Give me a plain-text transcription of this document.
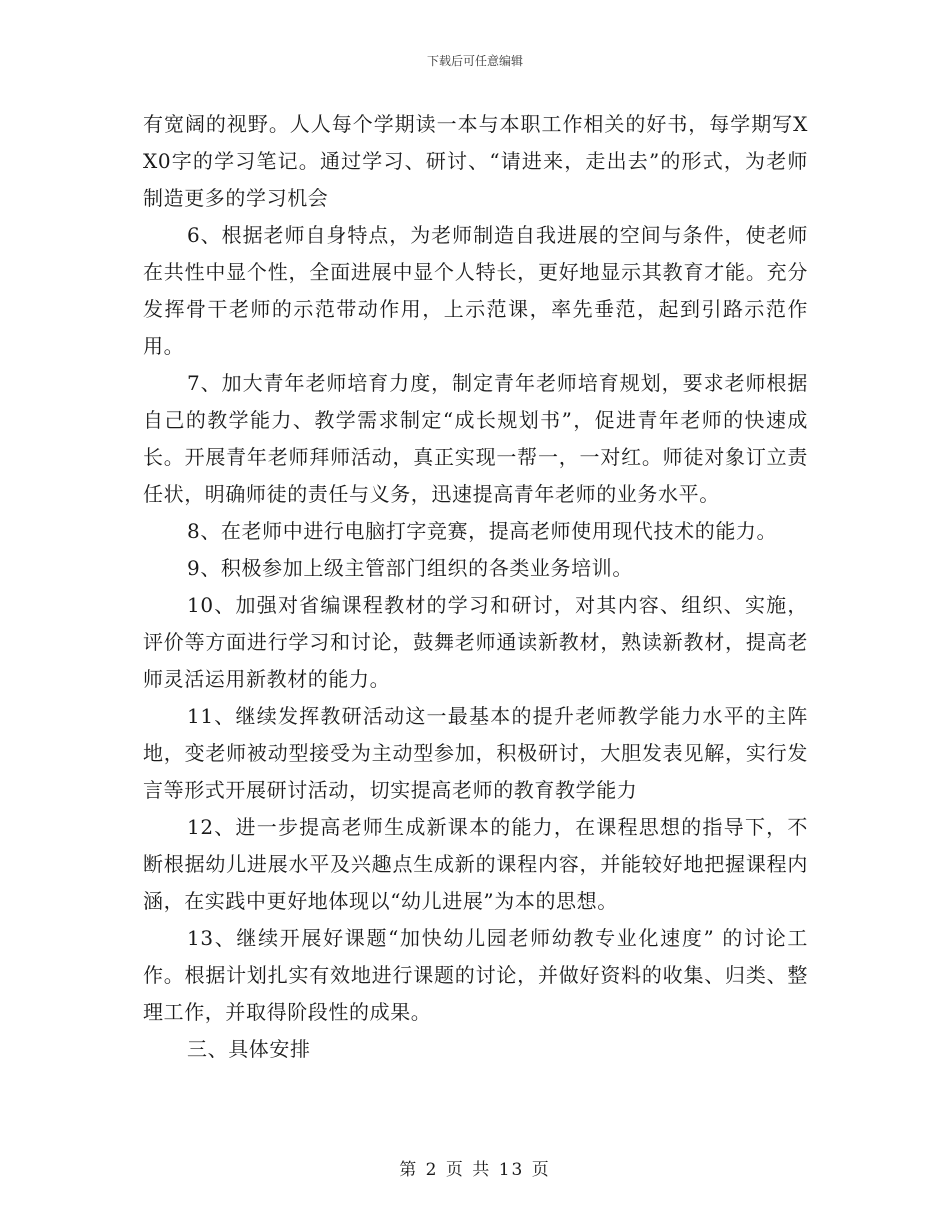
下载后可任意编辑

有宽阔的视野。人人每个学期读一本与本职工作相关的好书，每学期写XX0字的学习笔记。通过学习、研讨、“请进来，走出去”的形式，为老师制造更多的学习机会

6、根据老师自身特点，为老师制造自我进展的空间与条件，使老师在共性中显个性，全面进展中显个人特长，更好地显示其教育才能。充分发挥骨干老师的示范带动作用，上示范课，率先垂范，起到引路示范作用。

7、加大青年老师培育力度，制定青年老师培育规划，要求老师根据自己的教学能力、教学需求制定“成长规划书”，促进青年老师的快速成长。开展青年老师拜师活动，真正实现一帮一，一对红。师徒对象订立责任状，明确师徒的责任与义务，迅速提高青年老师的业务水平。

8、在老师中进行电脑打字竞赛，提高老师使用现代技术的能力。

9、积极参加上级主管部门组织的各类业务培训。

10、加强对省编课程教材的学习和研讨，对其内容、组织、实施，评价等方面进行学习和讨论，鼓舞老师通读新教材，熟读新教材，提高老师灵活运用新教材的能力。

11、继续发挥教研活动这一最基本的提升老师教学能力水平的主阵地，变老师被动型接受为主动型参加，积极研讨，大胆发表见解，实行发言等形式开展研讨活动，切实提高老师的教育教学能力

12、进一步提高老师生成新课本的能力，在课程思想的指导下，不断根据幼儿进展水平及兴趣点生成新的课程内容，并能较好地把握课程内涵，在实践中更好地体现以“幼儿进展”为本的思想。

13、继续开展好课题“加快幼儿园老师幼教专业化速度” 的讨论工作。根据计划扎实有效地进行课题的讨论，并做好资料的收集、归类、整理工作，并取得阶段性的成果。

三、具体安排

第 2 页 共 13 页
